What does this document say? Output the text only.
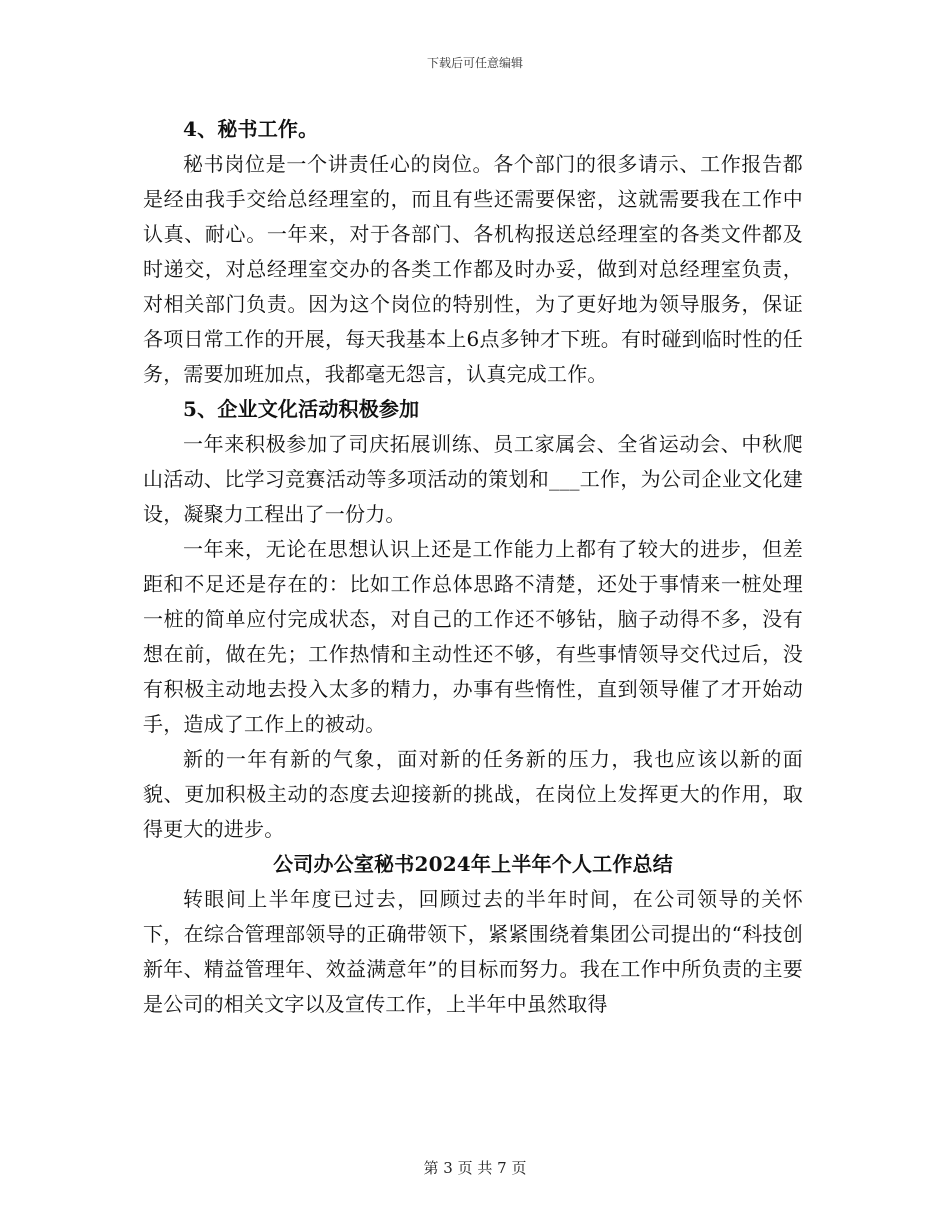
下载后可任意编辑

4、秘书工作。

秘书岗位是一个讲责任心的岗位。各个部门的很多请示、工作报告都是经由我手交给总经理室的，而且有些还需要保密，这就需要我在工作中认真、耐心。一年来，对于各部门、各机构报送总经理室的各类文件都及时递交，对总经理室交办的各类工作都及时办妥，做到对总经理室负责，对相关部门负责。因为这个岗位的特别性，为了更好地为领导服务，保证各项日常工作的开展，每天我基本上6点多钟才下班。有时碰到临时性的任务，需要加班加点，我都毫无怨言，认真完成工作。

5、企业文化活动积极参加

一年来积极参加了司庆拓展训练、员工家属会、全省运动会、中秋爬山活动、比学习竞赛活动等多项活动的策划和___工作，为公司企业文化建设，凝聚力工程出了一份力。

一年来，无论在思想认识上还是工作能力上都有了较大的进步，但差距和不足还是存在的：比如工作总体思路不清楚，还处于事情来一桩处理一桩的简单应付完成状态，对自己的工作还不够钻，脑子动得不多，没有想在前，做在先；工作热情和主动性还不够，有些事情领导交代过后，没有积极主动地去投入太多的精力，办事有些惰性，直到领导催了才开始动手，造成了工作上的被动。

新的一年有新的气象，面对新的任务新的压力，我也应该以新的面貌、更加积极主动的态度去迎接新的挑战，在岗位上发挥更大的作用，取得更大的进步。

公司办公室秘书2024年上半年个人工作总结

转眼间上半年度已过去，回顾过去的半年时间，在公司领导的关怀下，在综合管理部领导的正确带领下，紧紧围绕着集团公司提出的“科技创新年、精益管理年、效益满意年”的目标而努力。我在工作中所负责的主要是公司的相关文字以及宣传工作，上半年中虽然取得

第 3 页 共 7 页
